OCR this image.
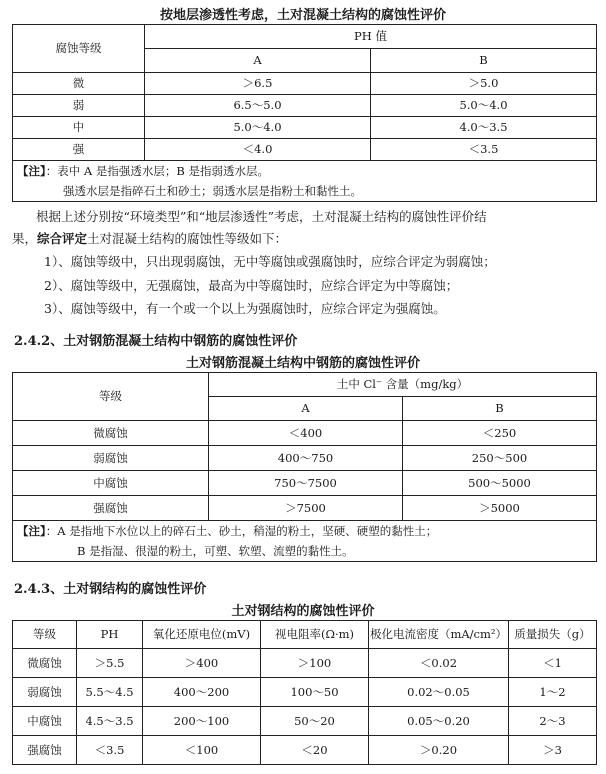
按地层渗透性考虑，土对混凝土结构的腐蚀性评价
腐蚀等级	PH 值	
	A	B
微	＞6.5	＞5.0
弱	6.5～5.0	5.0～4.0
中	5.0～4.0	4.0～3.5
强	＜4.0	＜3.5

【注】：表中 A 是指强透水层；B 是指弱透水层。
强透水层是指碎石土和砂土；弱透水层是指粉土和黏性土。		
根据上述分别按“环境类型”和“地层渗透性”考虑，土对混凝土结构的腐蚀性评价结
果，综合评定土对混凝土结构的腐蚀性等级如下：
1）、腐蚀等级中，只出现弱腐蚀，无中等腐蚀或强腐蚀时，应综合评定为弱腐蚀；
2）、腐蚀等级中，无强腐蚀，最高为中等腐蚀时，应综合评定为中等腐蚀；
3）、腐蚀等级中，有一个或一个以上为强腐蚀时，应综合评定为强腐蚀。
2.4.2、土对钢筋混凝土结构中钢筋的腐蚀性评价
土对钢筋混凝土结构中钢筋的腐蚀性评价
等级	土中 Cl⁻ 含量（mg/kg）	
	A	B
微腐蚀	＜400	＜250
弱腐蚀	400～750	250～500
中腐蚀	750～7500	500～5000
强腐蚀	＞7500	＞5000

【注】：A 是指地下水位以上的碎石土、砂土，稍湿的粉土，坚硬、硬塑的黏性土；
B 是指湿、很湿的粉土，可塑、软塑、流塑的黏性土。		
2.4.3、土对钢结构的腐蚀性评价
土对钢结构的腐蚀性评价
等级	PH	氧化还原电位(mV)	视电阻率(Ω·m)	极化电流密度（mA/cm²）	质量损失（g）
微腐蚀	＞5.5	＞400	＞100	＜0.02	＜1
弱腐蚀	5.5～4.5	400～200	100～50	0.02～0.05	1～2
中腐蚀	4.5～3.5	200～100	50～20	0.05～0.20	2～3
强腐蚀	＜3.5	＜100	＜20	＞0.20	＞3
